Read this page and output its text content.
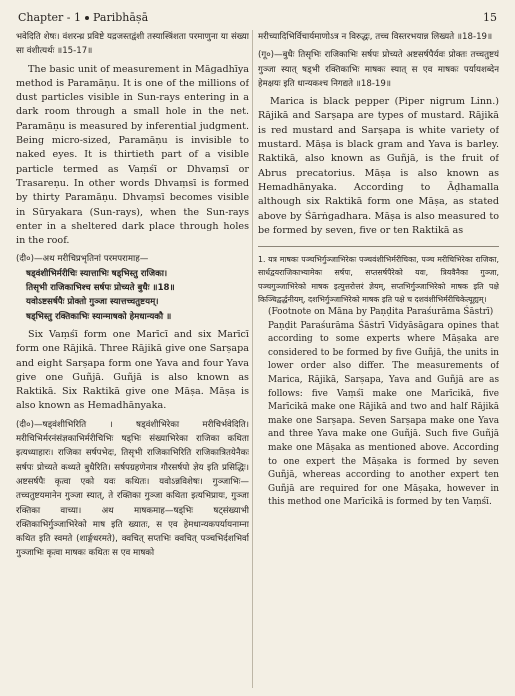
Chapter - 1 Paribhāṣā	15

भवेदिति शेषः। वंशरन्ध्र प्रविष्टे यद्रजस्तद्वंशी तस्यास्त्रिंशता परमाणुना या संख्या सा वंशीत्यर्थः ॥15-17॥

The basic unit of measurement in Māgadhīya method is Paramāṇu. It is one of the millions of dust particles visible in Sun-rays entering in a dark room through a small hole in the net. Paramāṇu is measured by inferential judgment. Being micro-sized, Paramāṇu is invisible to naked eyes. It is thirtieth part of a visible particle termed as Vaṃśī or Dhvaṃsī or Trasareṇu. In other words Dhvaṃsī is formed by thirty Paramāṇu. Dhvaṃsī becomes visible in Sūryakara (Sun-rays), when the Sun-rays enter in a sheltered dark place through holes in the roof.

(दी०)—अथ मरीचिप्रभृतिनां परमपरामाह—

षड्वंशीभिर्मरीचिः स्यात्ताभिः षड्भिस्तु राजिका।

तिसृभी राजिकाभिश्च सर्षपः प्रोच्यते बुधैः ॥18॥

यवोऽष्टसर्षपैः प्रोक्तो गुञ्जा स्यात्तच्चतुष्टयम्।

षड्भिस्तु रक्तिकाभिः स्यान्माषको हेमधान्यकौ ॥

Six Vaṃśī form one Marīcī and six Marīcī form one Rājikā. Three Rājikā give one Sarṣapa and eight Sarṣapa form one Yava and four Yava give one Guñjā. Guñjā is also known as Raktikā. Six Raktikā give one Māṣa. Māṣa is also known as Hemadhānyaka.

(दी०)—षड्वंशीभिरिति । षड्वंशीभिरेका मरीचिर्भवेदिति। मरीचिभिर्मरनंसंज्ञकाभिर्मरीचिभिः षड्भिः संख्याभिरेका राजिका कथिता इत्यध्याहारः। राजिका सर्षपभेदः, तिसृभी राजिकाभिरिति राजिकात्रितयेनैकः सर्षपः प्रोच्यते कथ्यते बुधैरिति। सर्षपग्रहणेनात्र गौरसर्षपो ज्ञेय इति प्रसिद्धिः। अष्टसर्षपैः कृत्वा एको यवः कथितः। यवोऽन्नविशेषः। गुञ्जाभिः—तच्चतुष्टयमानेन गुञ्जा स्यात्, ते रक्तिका गुञ्जा कथिता इत्यभिप्रायः, गुञ्जा रक्तिका वाच्या। अथ माषकमाह—षड्भिः षट्संख्याभी रक्तिकाभिर्गुञ्जाभिरेको माष इति ख्यातः, स एव हेमधान्यकपर्यायनाम्ना कथित इति स्वमते (शार्ङ्गधरमते), क्वचित् सप्तभिः क्वचित् पञ्चभिर्दशभिर्वा गुञ्जाभिः कृत्वा माषकः कथितः स एव माषको

मरीच्यादिभिर्विचार्यमाणोऽत्र न विरुद्धः, तच्च विस्तरभयान्न लिख्यते ॥18-19॥

(गू०)—बुधैः तिसृभिः राजिकाभिः सर्षपः प्रोच्यते अष्टसर्षपैर्यवः प्रोक्तः तच्चतुष्टयं गुञ्जा स्यात् षड्भी रक्तिकाभिः माषकः स्यात् स एव माषकः पर्यायशब्देन हेमक्षयः इति धान्यकश्च निगद्यते ॥18-19॥

Marica is black pepper (Piper nigrum Linn.) Rājikā and Sarṣapa are types of mustard. Rājikā is red mustard and Sarṣapa is white variety of mustard. Māṣa is black gram and Yava is barley. Raktikā, also known as Guñjā, is the fruit of Abrus precatorius. Māṣa is also known as Hemadhānyaka. According to Āḍhamalla although six Raktikā form one Māṣa, as stated above by Śārṅgadhara. Māṣa is also measured to be formed by seven, five or ten Raktikā as

1. यत्र माषकः पञ्चभिर्गुञ्जाभिरेकः पञ्चवंशीभिर्मरीचिका, पञ्च मरीचिभिरेका राजिका, सार्धद्वयराजिकाभ्यामेकः सर्षपः, सप्तसर्षपैरेको यवः, त्रियवैनैका गुञ्जा, पञ्चगुञ्जाभिरेको माषक इत्युत्तरोत्तरं ज्ञेयम्, सप्तभिर्गुञ्जाभिरेको माषक इति पक्षे किञ्चिद्वर्द्धनीयम्, दशभिर्गुञ्जाभिरेको माषक इति पक्षे च दशवंशीभिर्मरीचिकेत्यूह्यम्।

(Footnote on Māna by Paṇḍita Paraśurāma Śāstrī)

Paṇḍit Paraśurāma Śāstrī Vidyāsāgara opines that according to some experts where Māṣaka are considered to be formed by five Guñjā, the units in lower order also differ. The measurements of Marica, Rājikā, Sarṣapa, Yava and Guñjā are as follows: five Vaṃśī make one Marīcikā, five Marīcikā make one Rājikā and two and half Rājikā make one Sarṣapa. Seven Sarṣapa make one Yava and three Yava make one Guñjā. Such five Guñjā make one Māṣaka as mentioned above. According to one expert the Māṣaka is formed by seven Guñjā, whereas according to another expert ten Guñjā are required for one Māṣaka, however in this method one Marīcikā is formed by ten Vaṃśī.
